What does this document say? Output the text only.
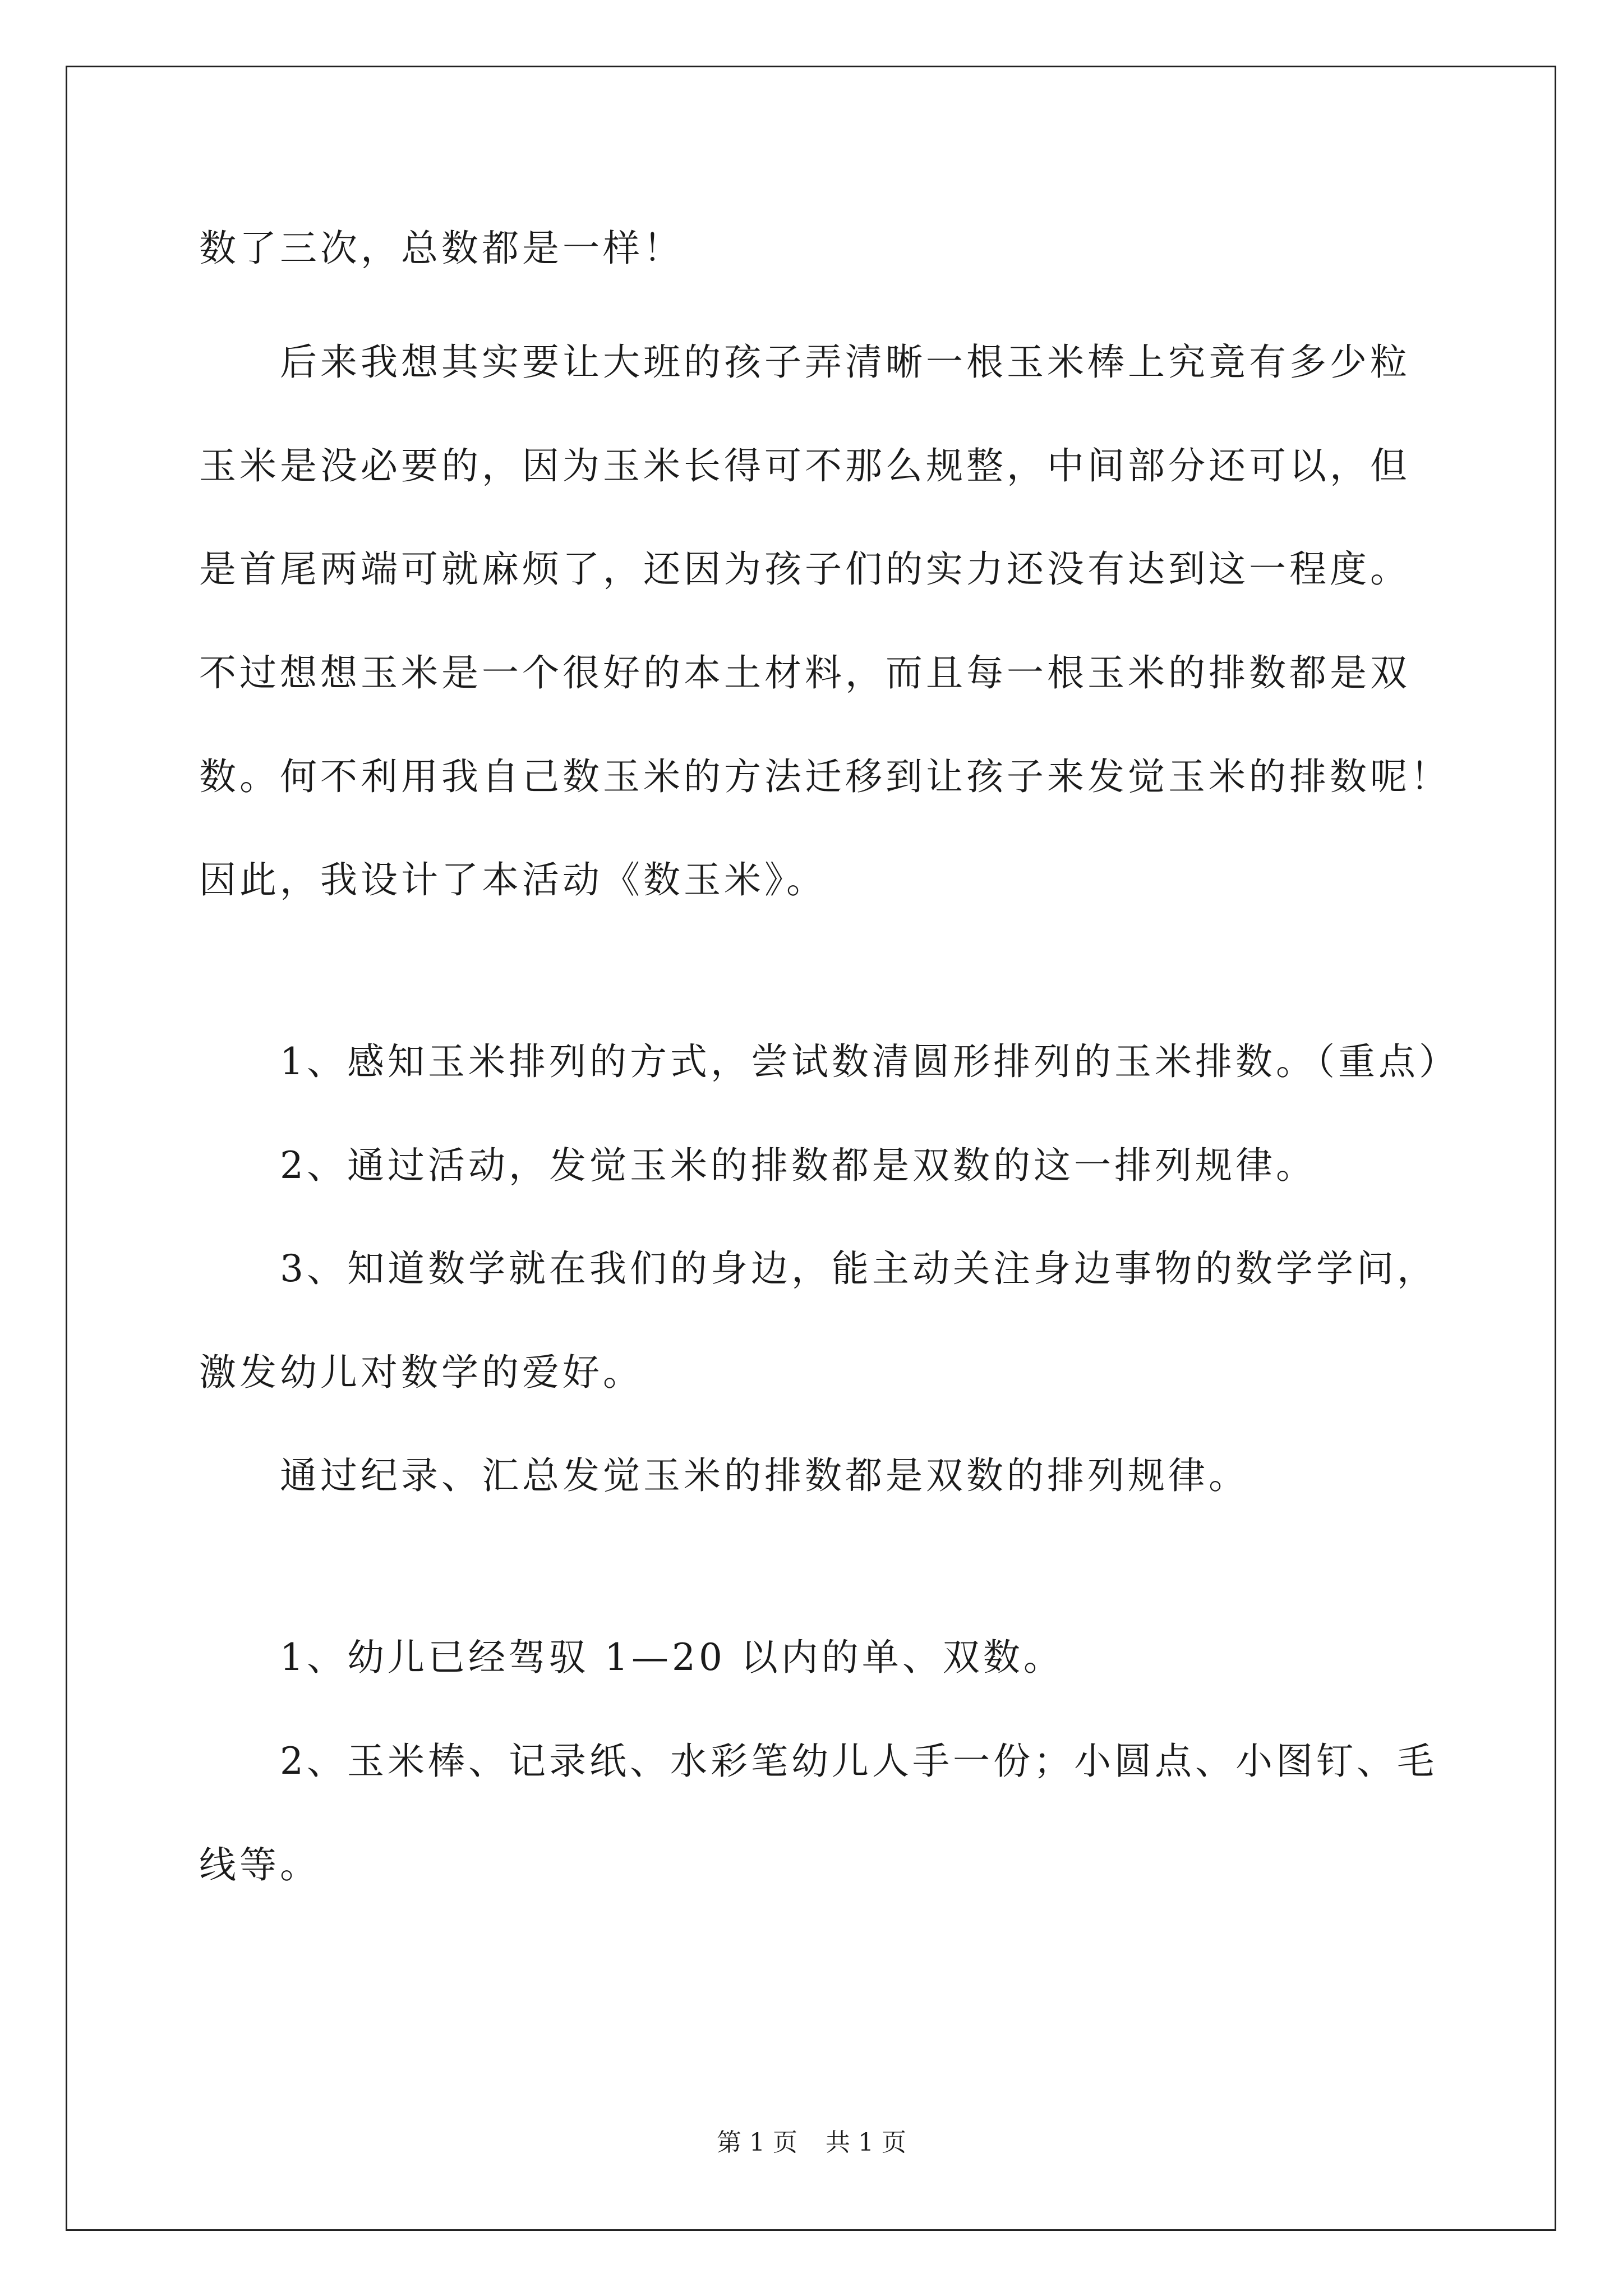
数了三次，总数都是一样！
　　后来我想其实要让大班的孩子弄清晰一根玉米棒上究竟有多少粒
玉米是没必要的，因为玉米长得可不那么规整，中间部分还可以，但
是首尾两端可就麻烦了，还因为孩子们的实力还没有达到这一程度。
不过想想玉米是一个很好的本土材料，而且每一根玉米的排数都是双
数。何不利用我自己数玉米的方法迁移到让孩子来发觉玉米的排数呢！
因此，我设计了本活动《数玉米》。
　　1、感知玉米排列的方式，尝试数清圆形排列的玉米排数。（重点）
　　2、通过活动，发觉玉米的排数都是双数的这一排列规律。
　　3、知道数学就在我们的身边，能主动关注身边事物的数学学问，
激发幼儿对数学的爱好。
　　通过纪录、汇总发觉玉米的排数都是双数的排列规律。
　　1、幼儿已经驾驭 1—20 以内的单、双数。
　　2、玉米棒、记录纸、水彩笔幼儿人手一份；小圆点、小图钉、毛
线等。
第 1 页 共 1 页
